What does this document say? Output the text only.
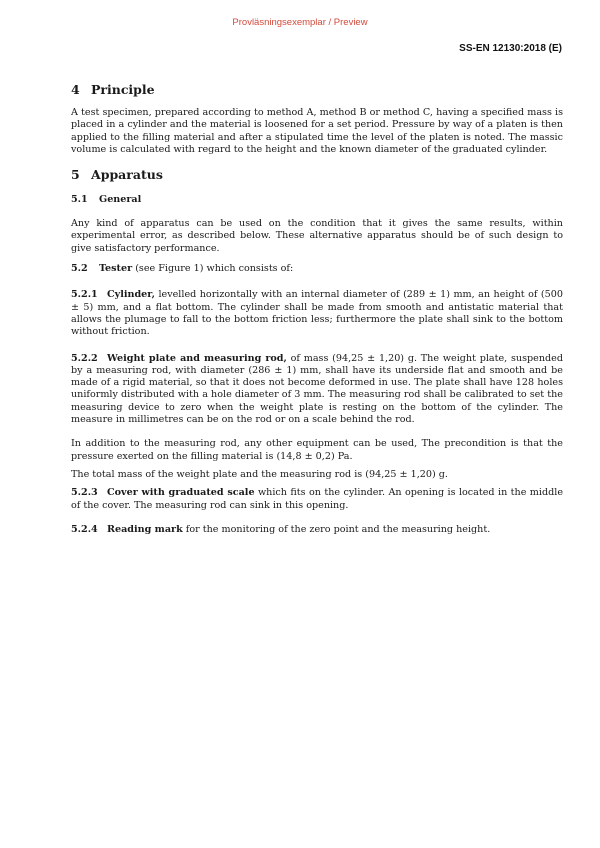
Provläsningsexemplar / Preview
SS-EN 12130:2018 (E)
4 Principle

A test specimen, prepared according to method A, method B or method C, having a specified mass is placed in a cylinder and the material is loosened for a set period. Pressure by way of a platen is then applied to the filling material and after a stipulated time the level of the platen is noted. The massic volume is calculated with regard to the height and the known diameter of the graduated cylinder.

5 Apparatus
5.1 General

Any kind of apparatus can be used on the condition that it gives the same results, within experimental error, as described below. These alternative apparatus should be of such design to give satisfactory performance.

5.2 Tester (see Figure 1) which consists of:

5.2.1 Cylinder, levelled horizontally with an internal diameter of (289 ± 1) mm, an height of (500 ± 5) mm, and a flat bottom. The cylinder shall be made from smooth and antistatic material that allows the plumage to fall to the bottom friction less; furthermore the plate shall sink to the bottom without friction.

5.2.2 Weight plate and measuring rod, of mass (94,25 ± 1,20) g. The weight plate, suspended by a measuring rod, with diameter (286 ± 1) mm, shall have its underside flat and smooth and be made of a rigid material, so that it does not become deformed in use. The plate shall have 128 holes uniformly distributed with a hole diameter of 3 mm. The measuring rod shall be calibrated to set the measuring device to zero when the weight plate is resting on the bottom of the cylinder. The measure in millimetres can be on the rod or on a scale behind the rod.

In addition to the measuring rod, any other equipment can be used, The precondition is that the pressure exerted on the filling material is (14,8 ± 0,2) Pa.

The total mass of the weight plate and the measuring rod is (94,25 ± 1,20) g.

5.2.3 Cover with graduated scale which fits on the cylinder. An opening is located in the middle of the cover. The measuring rod can sink in this opening.

5.2.4 Reading mark for the monitoring of the zero point and the measuring height.
